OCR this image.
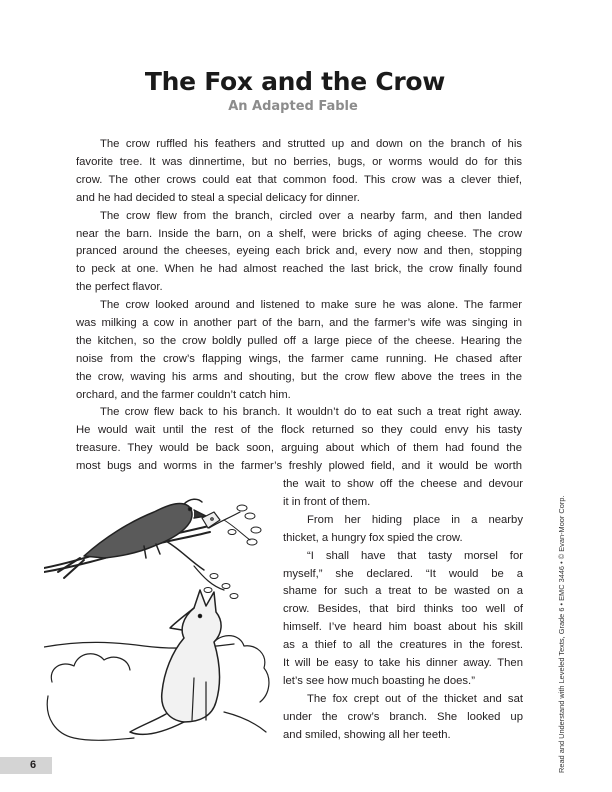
The Fox and the Crow
An Adapted Fable

The crow ruffled his feathers and strutted up and down on the branch of his
favorite tree. It was dinnertime, but no berries, bugs, or worms would do for this
crow. The other crows could eat that common food. This crow was a clever thief,
and he had decided to steal a special delicacy for dinner.

The crow flew from the branch, circled over a nearby farm, and then landed
near the barn. Inside the barn, on a shelf, were bricks of aging cheese. The crow
pranced around the cheeses, eyeing each brick and, every now and then, stopping
to peck at one. When he had almost reached the last brick, the crow finally found
the perfect flavor.

The crow looked around and listened to make sure he was alone. The farmer
was milking a cow in another part of the barn, and the farmer’s wife was singing in
the kitchen, so the crow boldly pulled off a large piece of the cheese. Hearing the
noise from the crow’s flapping wings, the farmer came running. He chased after
the crow, waving his arms and shouting, but the crow flew above the trees in the
orchard, and the farmer couldn’t catch him.

The crow flew back to his branch. It wouldn’t do to eat such a treat right away.
He would wait until the rest of the flock returned so they could envy his tasty
treasure. They would be back soon, arguing about which of them had found the
most bugs and worms in the farmer’s freshly plowed field, and it would be worth

the wait to show off the cheese and devour
it in front of them.

From her hiding place in a nearby
thicket, a hungry fox spied the crow.

“I shall have that tasty morsel for
myself,” she declared. “It would be a
shame for such a treat to be wasted on a
crow. Besides, that bird thinks too well of
himself. I’ve heard him boast about his skill
as a thief to all the creatures in the forest.
It will be easy to take his dinner away. Then
let’s see how much boasting he does.”

The fox crept out of the thicket and sat
under the crow’s branch. She looked up
and smiled, showing all her teeth.

6	Read and Understand with Leveled Texts, Grade 6 • EMC 3446 • © Evan-Moor Corp.
